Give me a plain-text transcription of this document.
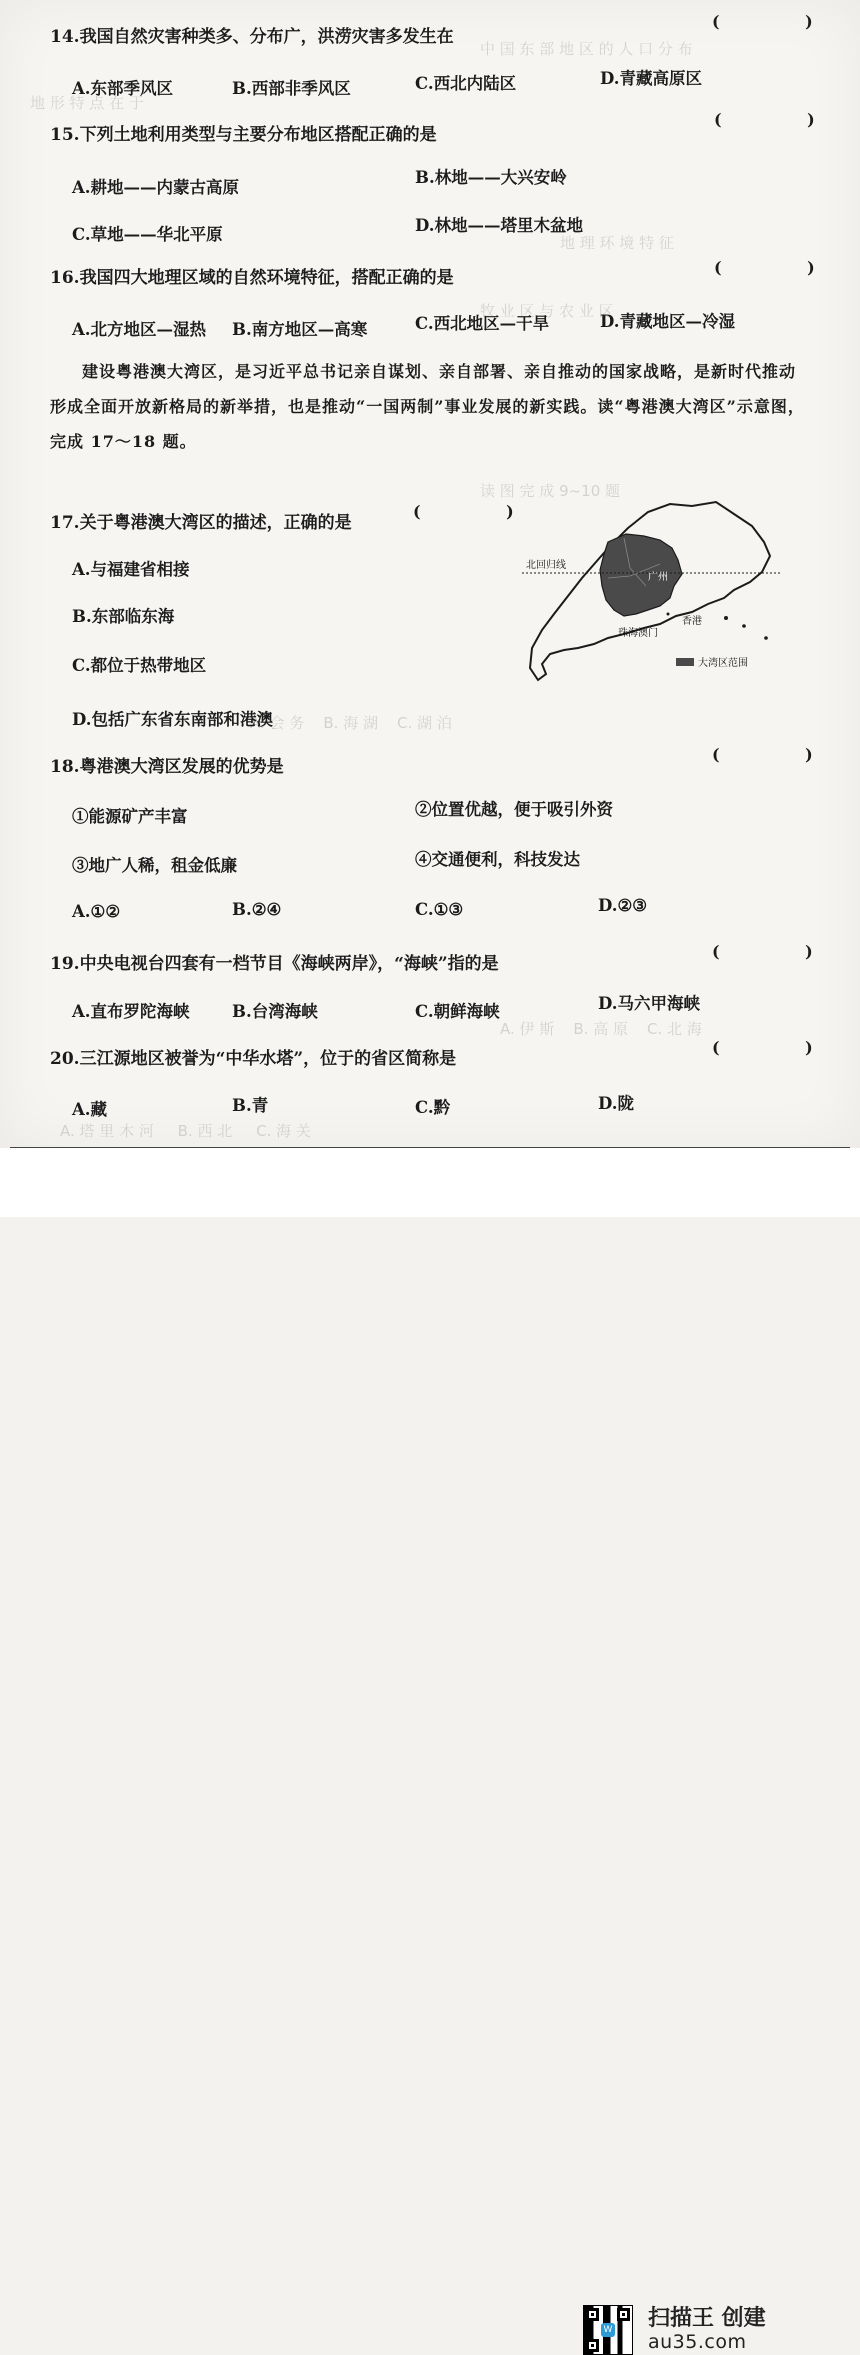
中 国 东 部 地 区 的 人 口 分 布
地 形 特 点 在 于
地 理 环 境 特 征
牧 业 区 与 农 业 区
读 图 完 成 9~10 题
A. 会 务    B. 海 湖    C. 湖 泊
A. 伊 斯    B. 高 原    C. 北 海
A. 塔 里 木 河     B. 西 北     C. 海 关
14.我国自然灾害种类多、分布广，洪涝灾害多发生在
( )
A.东部季风区	B.西部非季风区	C.西北内陆区	D.青藏高原区
15.下列土地利用类型与主要分布地区搭配正确的是
( )
A.耕地——内蒙古高原
B.林地——大兴安岭
C.草地——华北平原	D.林地——塔里木盆地
16.我国四大地理区域的自然环境特征，搭配正确的是
( )
A.北方地区—湿热 B.南方地区—高寒	C.西北地区—干旱	D.青藏地区—冷湿
建设粤港澳大湾区，是习近平总书记亲自谋划、亲自部署、亲自推动的国家战略，是新时代推动形成全面开放新格局的新举措，也是推动“一国两制”事业发展的新实践。读“粤港澳大湾区”示意图，完成 17～18 题。
17.关于粤港澳大湾区的描述，正确的是
( )
A.与福建省相接
B.东部临东海
C.都位于热带地区
D.包括广东省东南部和港澳
北回归线
广州
香港
珠海澳门
大湾区范围
18.粤港澳大湾区发展的优势是
( )
①能源矿产丰富	②位置优越，便于吸引外资
③地广人稀，租金低廉	④交通便利，科技发达
A.①②	B.②④	C.①③	D.②③
19.中央电视台四套有一档节目《海峡两岸》，“海峡”指的是
( )
A.直布罗陀海峡	B.台湾海峡	C.朝鲜海峡	D.马六甲海峡
20.三江源地区被誉为“中华水塔”，位于的省区简称是
( )
A.藏	B.青	C.黔	D.陇
W 扫描王 创建
au35.com
